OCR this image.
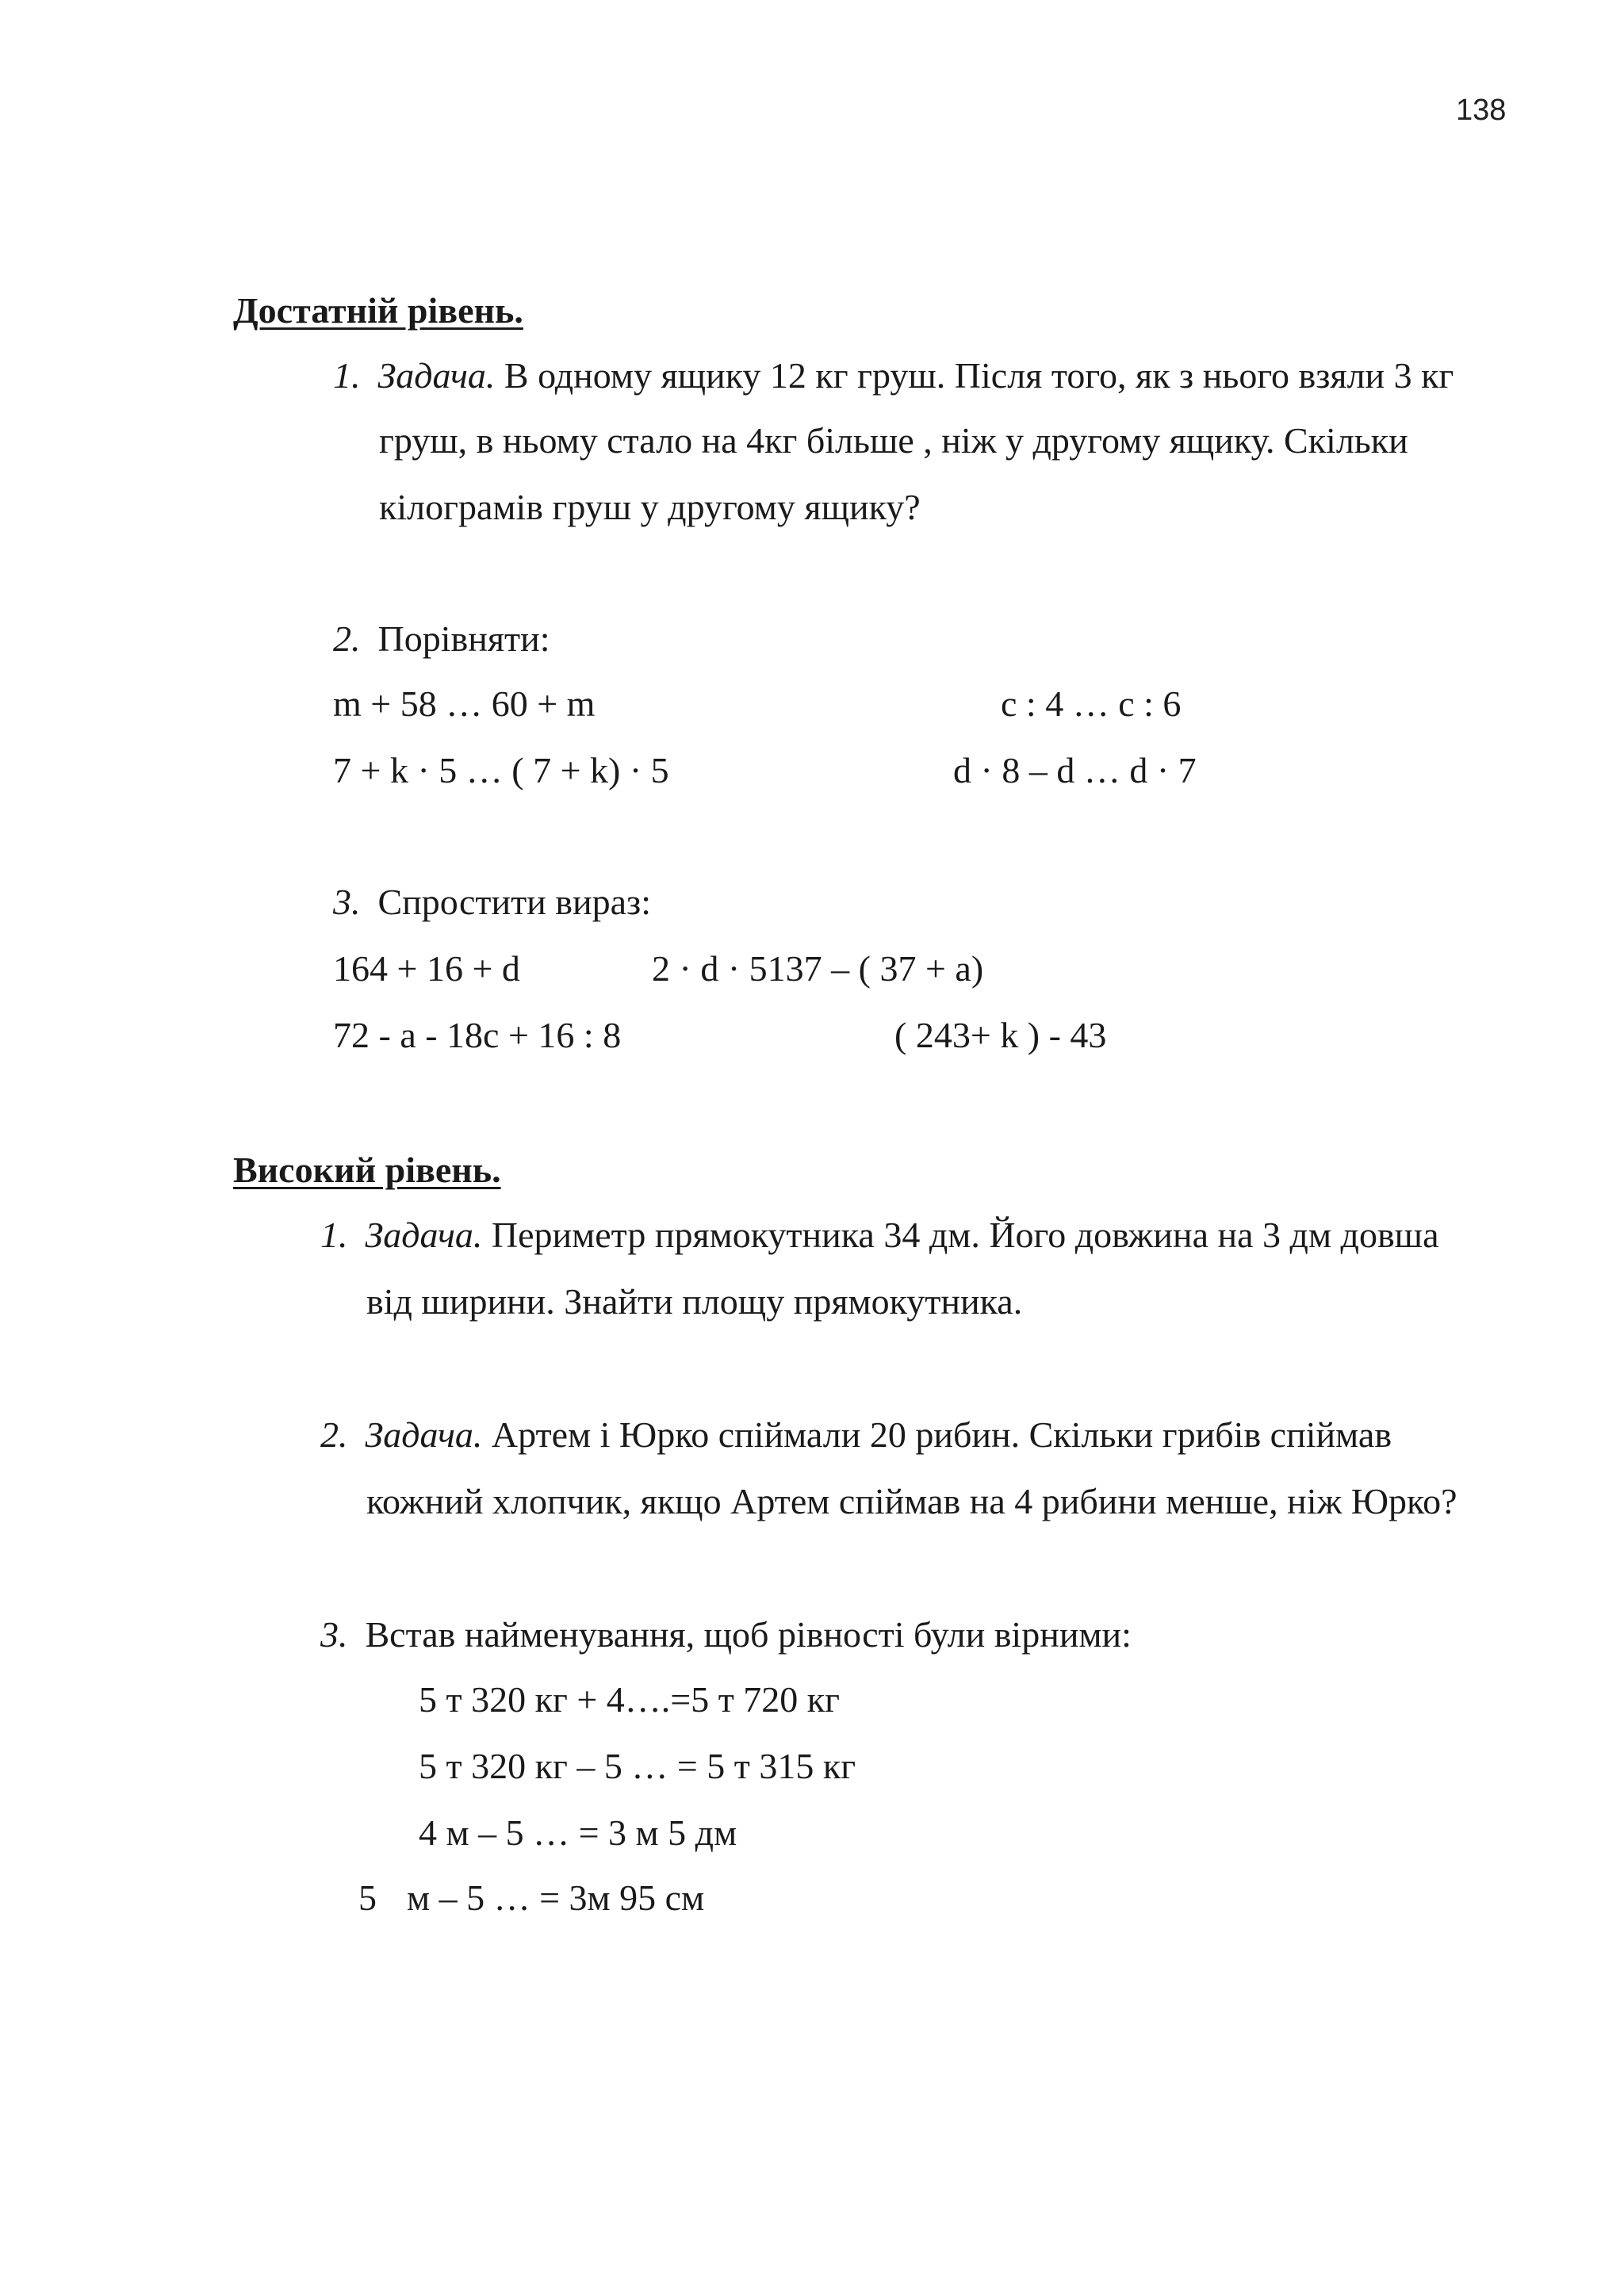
138
Достатній рівень.
1. Задача. В одному ящику 12 кг груш. Після того, як з нього взяли 3 кг
груш, в ньому стало на 4кг більше , ніж у другому ящику. Скільки
кілограмів груш у другому ящику?
2. Порівняти:
m + 58 … 60 + m	c : 4 … c : 6
7 + k · 5 … ( 7 + k) · 5	d · 8 – d … d · 7
3. Спростити вираз:
164 + 16 + d	2 · d · 5137 – ( 37 + a)
72 - a - 18c + 16 : 8	( 243+ k ) - 43
Високий рівень.
1. Задача. Периметр прямокутника 34 дм. Його довжина на 3 дм довша
від ширини. Знайти площу прямокутника.
2. Задача. Артем і Юрко спіймали 20 рибин. Скільки грибів спіймав
кожний хлопчик, якщо Артем спіймав на 4 рибини менше, ніж Юрко?
3. Встав найменування, щоб рівності були вірними:
5 т 320 кг + 4….=5 т 720 кг
5 т 320 кг – 5 … = 5 т 315 кг
4 м – 5 … = 3 м 5 дм
5 м – 5 … = 3м 95 см
